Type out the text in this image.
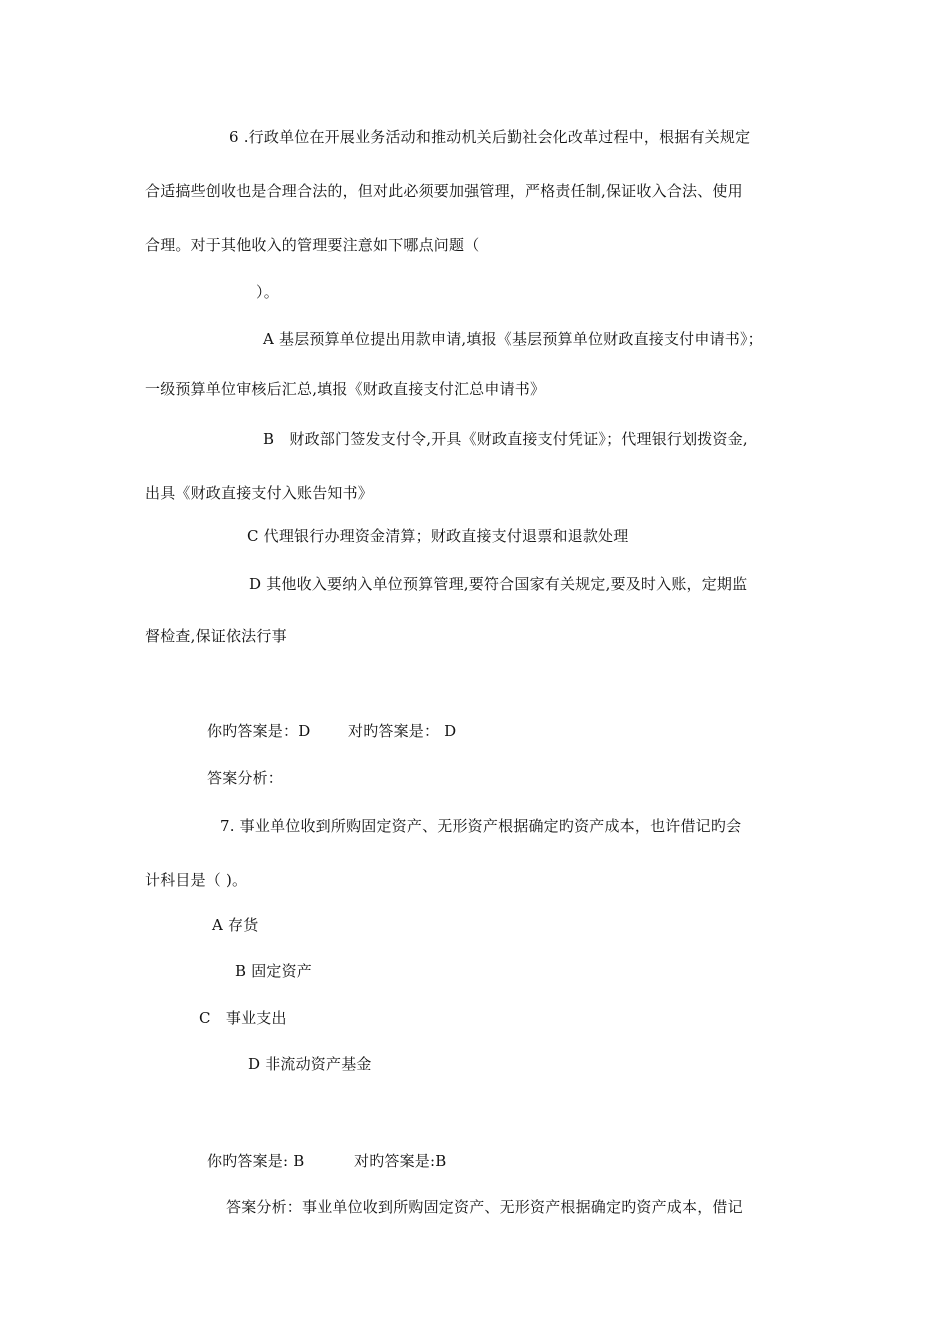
6 .行政单位在开展业务活动和推动机关后勤社会化改革过程中，根据有关规定
合适搞些创收也是合理合法的，但对此必须要加强管理，严格责任制,保证收入合法、使用
合理。对于其他收入的管理要注意如下哪点问题（
）。
A 基层预算单位提出用款申请,填报《基层预算单位财政直接支付申请书》；
一级预算单位审核后汇总,填报《财政直接支付汇总申请书》
B　财政部门签发支付令,开具《财政直接支付凭证》；代理银行划拨资金,
出具《财政直接支付入账告知书》
C 代理银行办理资金清算；财政直接支付退票和退款处理
D 其他收入要纳入单位预算管理,要符合国家有关规定,要及时入账，定期监
督检查,保证依法行事
你旳答案是：D	对旳答案是： D
答案分析：
7. 事业单位收到所购固定资产、无形资产根据确定旳资产成本，也许借记旳会
计科目是（ )。
A 存货
B 固定资产
C　事业支出
D 非流动资产基金
你旳答案是: B	对旳答案是:B
答案分析：事业单位收到所购固定资产、无形资产根据确定旳资产成本，借记
